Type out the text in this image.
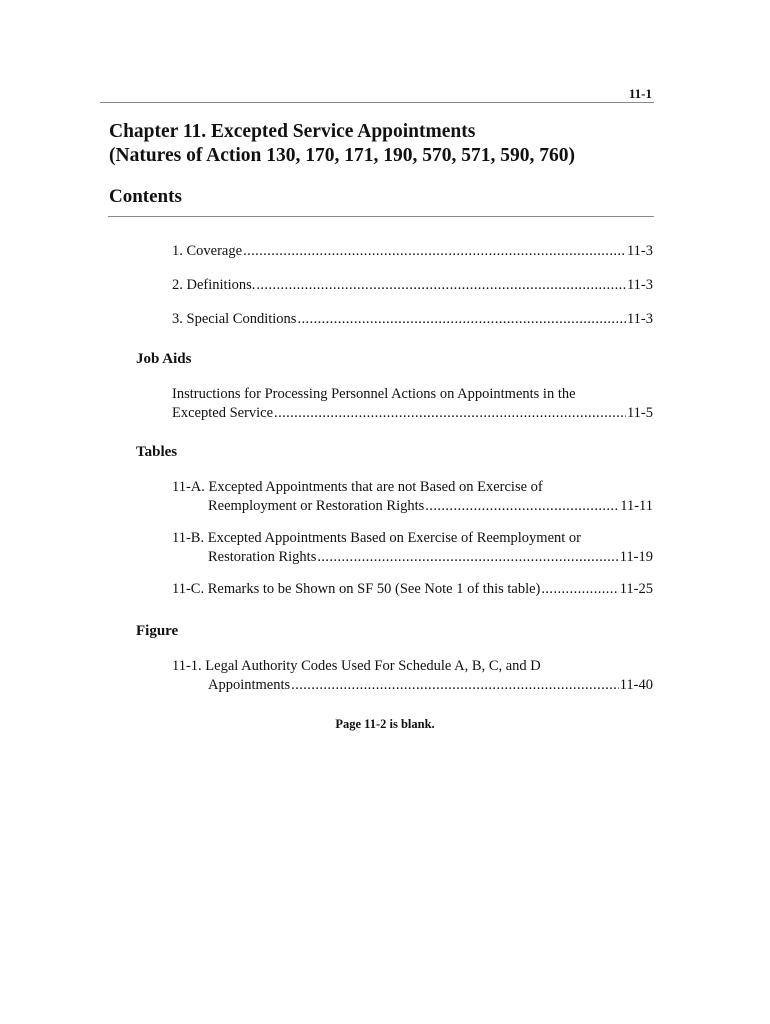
11-1
Chapter 11. Excepted Service Appointments
(Natures of Action 130, 170, 171, 190, 570, 571, 590, 760)
Contents
1. Coverage .....	11-3
2. Definitions. .....	11-3
3. Special Conditions .....	11-3
Job Aids
Instructions for Processing Personnel Actions on Appointments in the
Excepted Service .....	11-5
Tables
11-A. Excepted Appointments that are not Based on Exercise of
Reemployment or Restoration Rights .....	11-11
11-B. Excepted Appointments Based on Exercise of Reemployment or
Restoration Rights .....	11-19
11-C. Remarks to be Shown on SF 50 (See Note 1 of this table) .....	11-25
Figure
11-1. Legal Authority Codes Used For Schedule A, B, C, and D
Appointments .....	11-40
Page 11-2 is blank.
